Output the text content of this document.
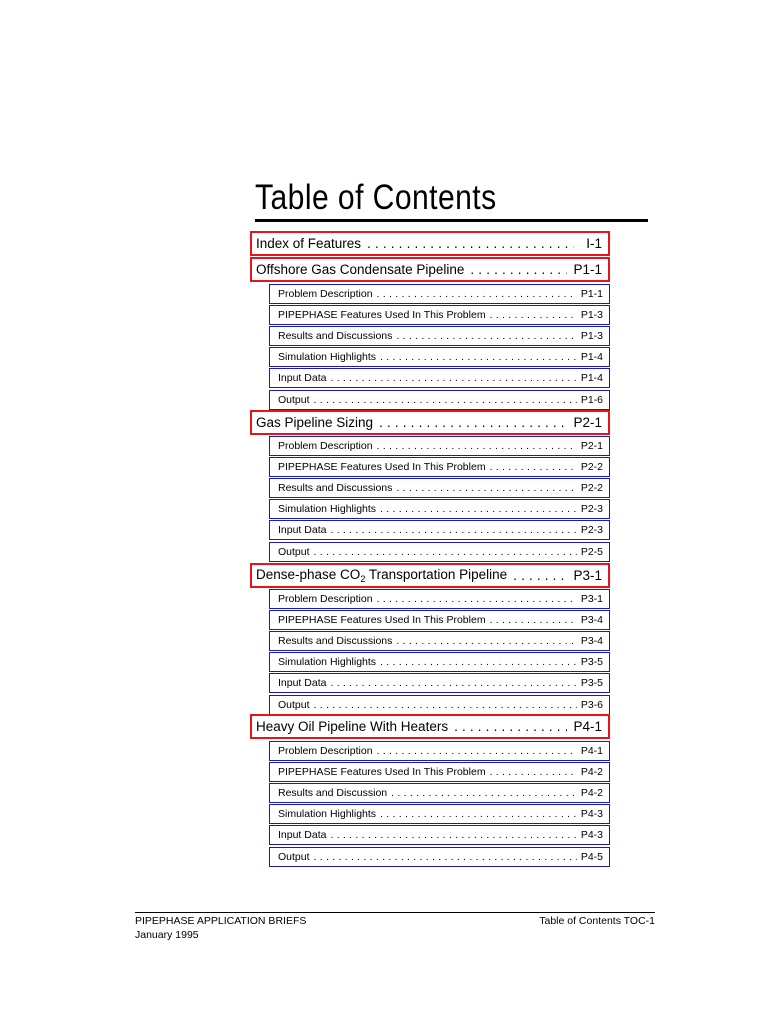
Table of Contents
Index of Features . . .	I-1
Offshore Gas Condensate Pipeline . . .	P1-1
Problem Description . . .	P1-1
PIPEPHASE Features Used In This Problem . . .	P1-3
Results and Discussions . . .	P1-3
Simulation Highlights . . .	P1-4
Input Data . . .	P1-4
Output . . .	P1-6
Gas Pipeline Sizing . . .	P2-1
Problem Description . . .	P2-1
PIPEPHASE Features Used In This Problem . . .	P2-2
Results and Discussions . . .	P2-2
Simulation Highlights . . .	P2-3
Input Data . . .	P2-3
Output . . .	P2-5
Dense-phase $CO_2$ Transportation Pipeline . . .	P3-1
Problem Description . . .	P3-1
PIPEPHASE Features Used In This Problem . . .	P3-4
Results and Discussions . . .	P3-4
Simulation Highlights . . .	P3-5
Input Data . . .	P3-5
Output . . .	P3-6
Heavy Oil Pipeline With Heaters . . .	P4-1
Problem Description . . .	P4-1
PIPEPHASE Features Used In This Problem . . .	P4-2
Results and Discussion . . .	P4-2
Simulation Highlights . . .	P4-3
Input Data . . .	P4-3
Output . . .	P4-5
PIPEPHASE APPLICATION BRIEFS
January 1995
Table of Contents TOC-1
